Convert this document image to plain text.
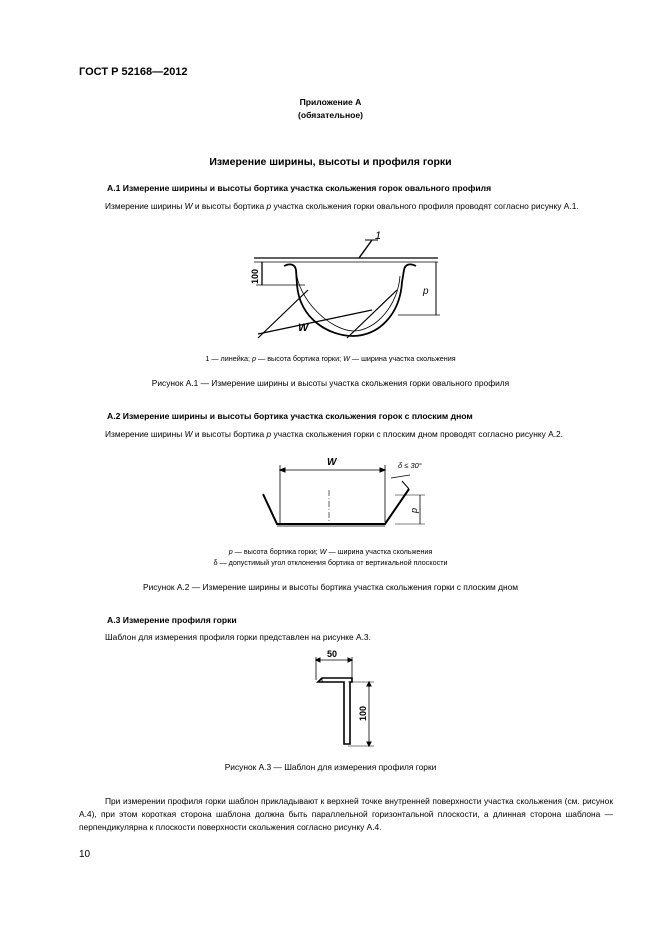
ГОСТ Р 52168—2012
Приложение А
(обязательное)
Измерение ширины, высоты и профиля горки
А.1 Измерение ширины и высоты бортика участка скольжения горок овального профиля
Измерение ширины W и высоты бортика p участка скольжения горки овального профиля проводят согласно рисунку А.1.
1
100
p
W
1 — линейка; p — высота бортика горки; W — ширина участка скольжения
Рисунок А.1 — Измерение ширины и высоты участка скольжения горки овального профиля
А.2 Измерение ширины и высоты бортика участка скольжения горок с плоским дном
Измерение ширины W и высоты бортика p участка скольжения горки с плоским дном проводят согласно рисунку А.2.
W	δ ≤ 30°
p
p — высота бортика горки; W — ширина участка скольжения
δ — допустимый угол отклонения бортика от вертикальной плоскости
Рисунок А.2 — Измерение ширины и высоты бортика участка скольжения горки с плоским дном
А.3 Измерение профиля горки
Шаблон для измерения профиля горки представлен на рисунке А.3.
50
100
Рисунок А.3 — Шаблон для измерения профиля горки
При измерении профиля горки шаблон прикладывают к верхней точке внутренней поверхности участка скольжения (см. рисунок А.4), при этом короткая сторона шаблона должна быть параллельной горизонтальной плоскости, а длинная сторона шаблона — перпендикулярна к плоскости поверхности скольжения согласно рисунку А.4.
10
